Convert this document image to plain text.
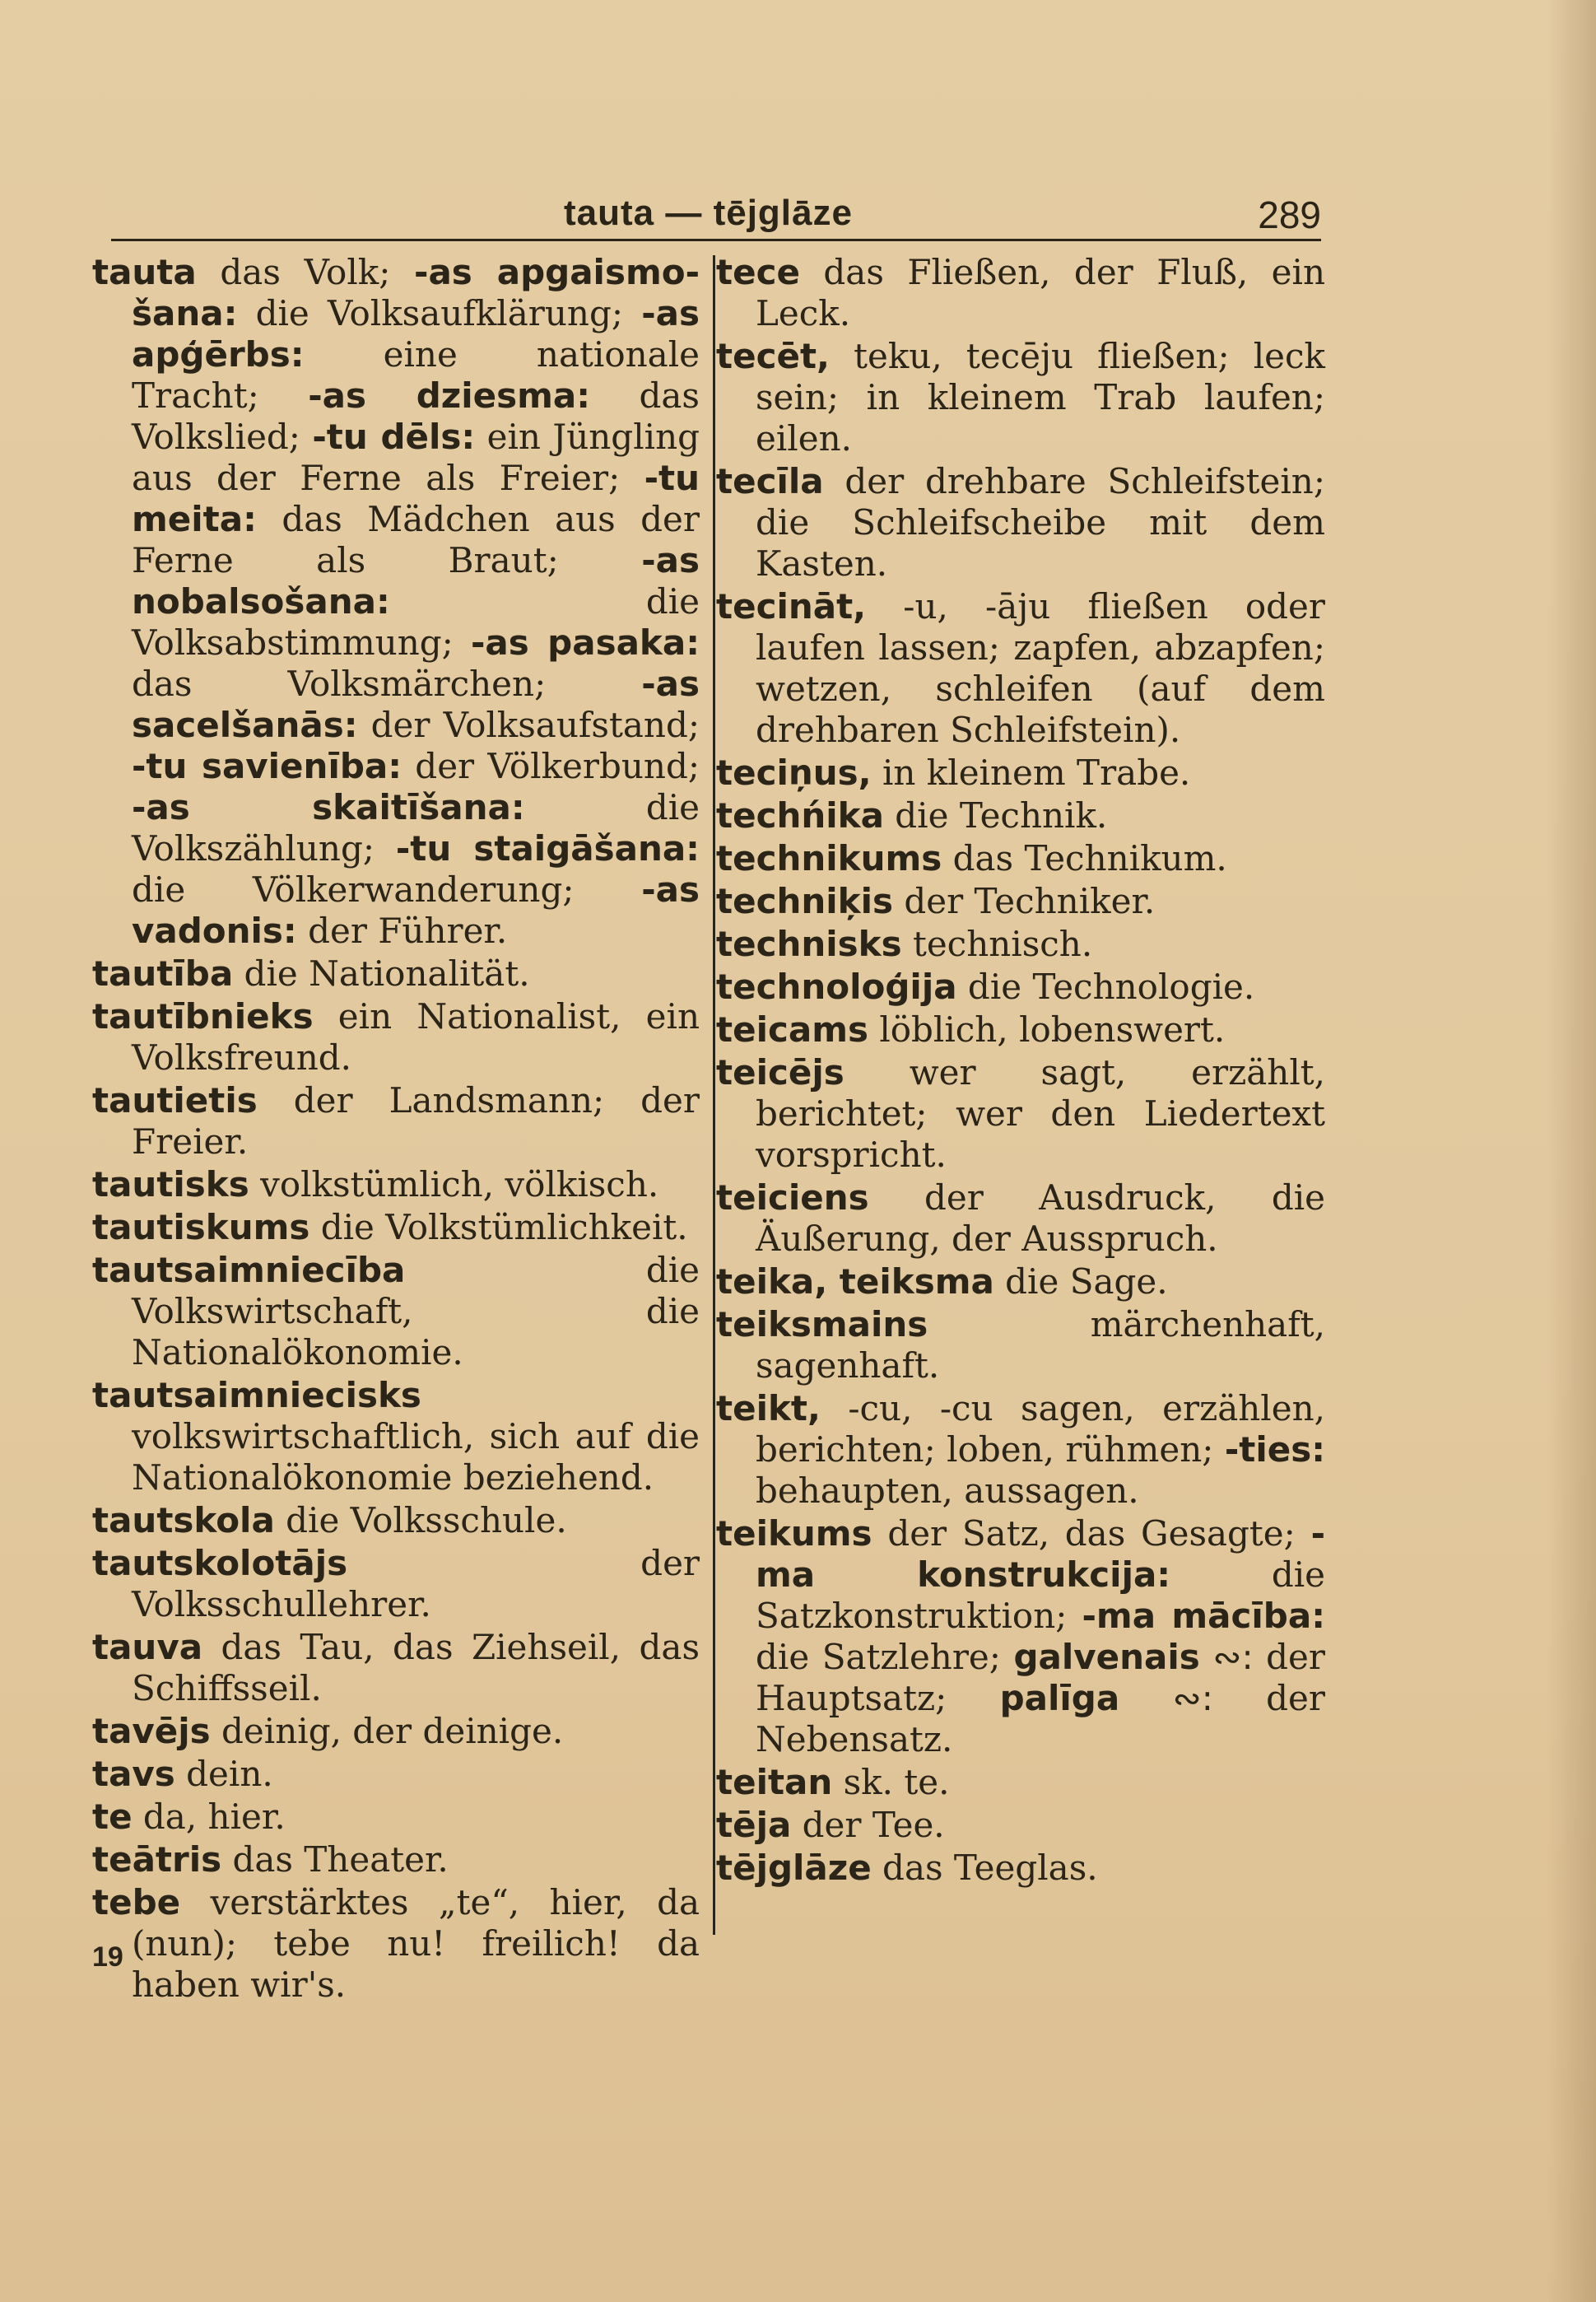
tauta — tējglāze	289

tauta das Volk; -as apgaismo-šana: die Volksaufklärung; -as apģērbs: eine nationale Tracht; -as dziesma: das Volkslied; -tu dēls: ein Jüngling aus der Ferne als Freier; -tu meita: das Mädchen aus der Ferne als Braut; -as nobalsošana: die Volksabstimmung; -as pasaka: das Volksmärchen; -as sacelšanās: der Volksaufstand; -tu savienība: der Völkerbund; -as skaitīšana: die Volkszählung; -tu staigāšana: die Völkerwanderung; -as vadonis: der Führer.

tautība die Nationalität.

tautībnieks ein Nationalist, ein Volksfreund.

tautietis der Landsmann; der Freier.

tautisks volkstümlich, völkisch.

tautiskums die Volkstümlichkeit.

tautsaimniecība die Volkswirtschaft, die Nationalökonomie.

tautsaimniecisks volkswirtschaftlich, sich auf die Nationalökonomie beziehend.

tautskola die Volksschule.

tautskolotājs der Volksschullehrer.

tauva das Tau, das Ziehseil, das Schiffsseil.

tavējs deinig, der deinige.

tavs dein.

te da, hier.

teātris das Theater.

tebe verstärktes „te“, hier, da (nun); tebe nu! freilich! da haben wir's.

tece das Fließen, der Fluß, ein Leck.

tecēt, teku, tecēju fließen; leck sein; in kleinem Trab laufen; eilen.

tecīla der drehbare Schleifstein; die Schleifscheibe mit dem Kasten.

tecināt, -u, -āju fließen oder laufen lassen; zapfen, abzapfen; wetzen, schleifen (auf dem drehbaren Schleifstein).

teciņus, in kleinem Trabe.

techńika die Technik.

technikums das Technikum.

techniķis der Techniker.

technisks technisch.

technoloģija die Technologie.

teicams löblich, lobenswert.

teicējs wer sagt, erzählt, berichtet; wer den Liedertext vorspricht.

teiciens der Ausdruck, die Äußerung, der Ausspruch.

teika, teiksma die Sage.

teiksmains märchenhaft, sagenhaft.

teikt, -cu, -cu sagen, erzählen, berichten; loben, rühmen; -ties: behaupten, aussagen.

teikums der Satz, das Gesagte; -ma konstrukcija: die Satzkonstruktion; -ma mācība: die Satzlehre; galvenais ∾: der Hauptsatz; palīga ∾: der Nebensatz.

teitan sk. te.

tēja der Tee.

tējglāze das Teeglas.

19
